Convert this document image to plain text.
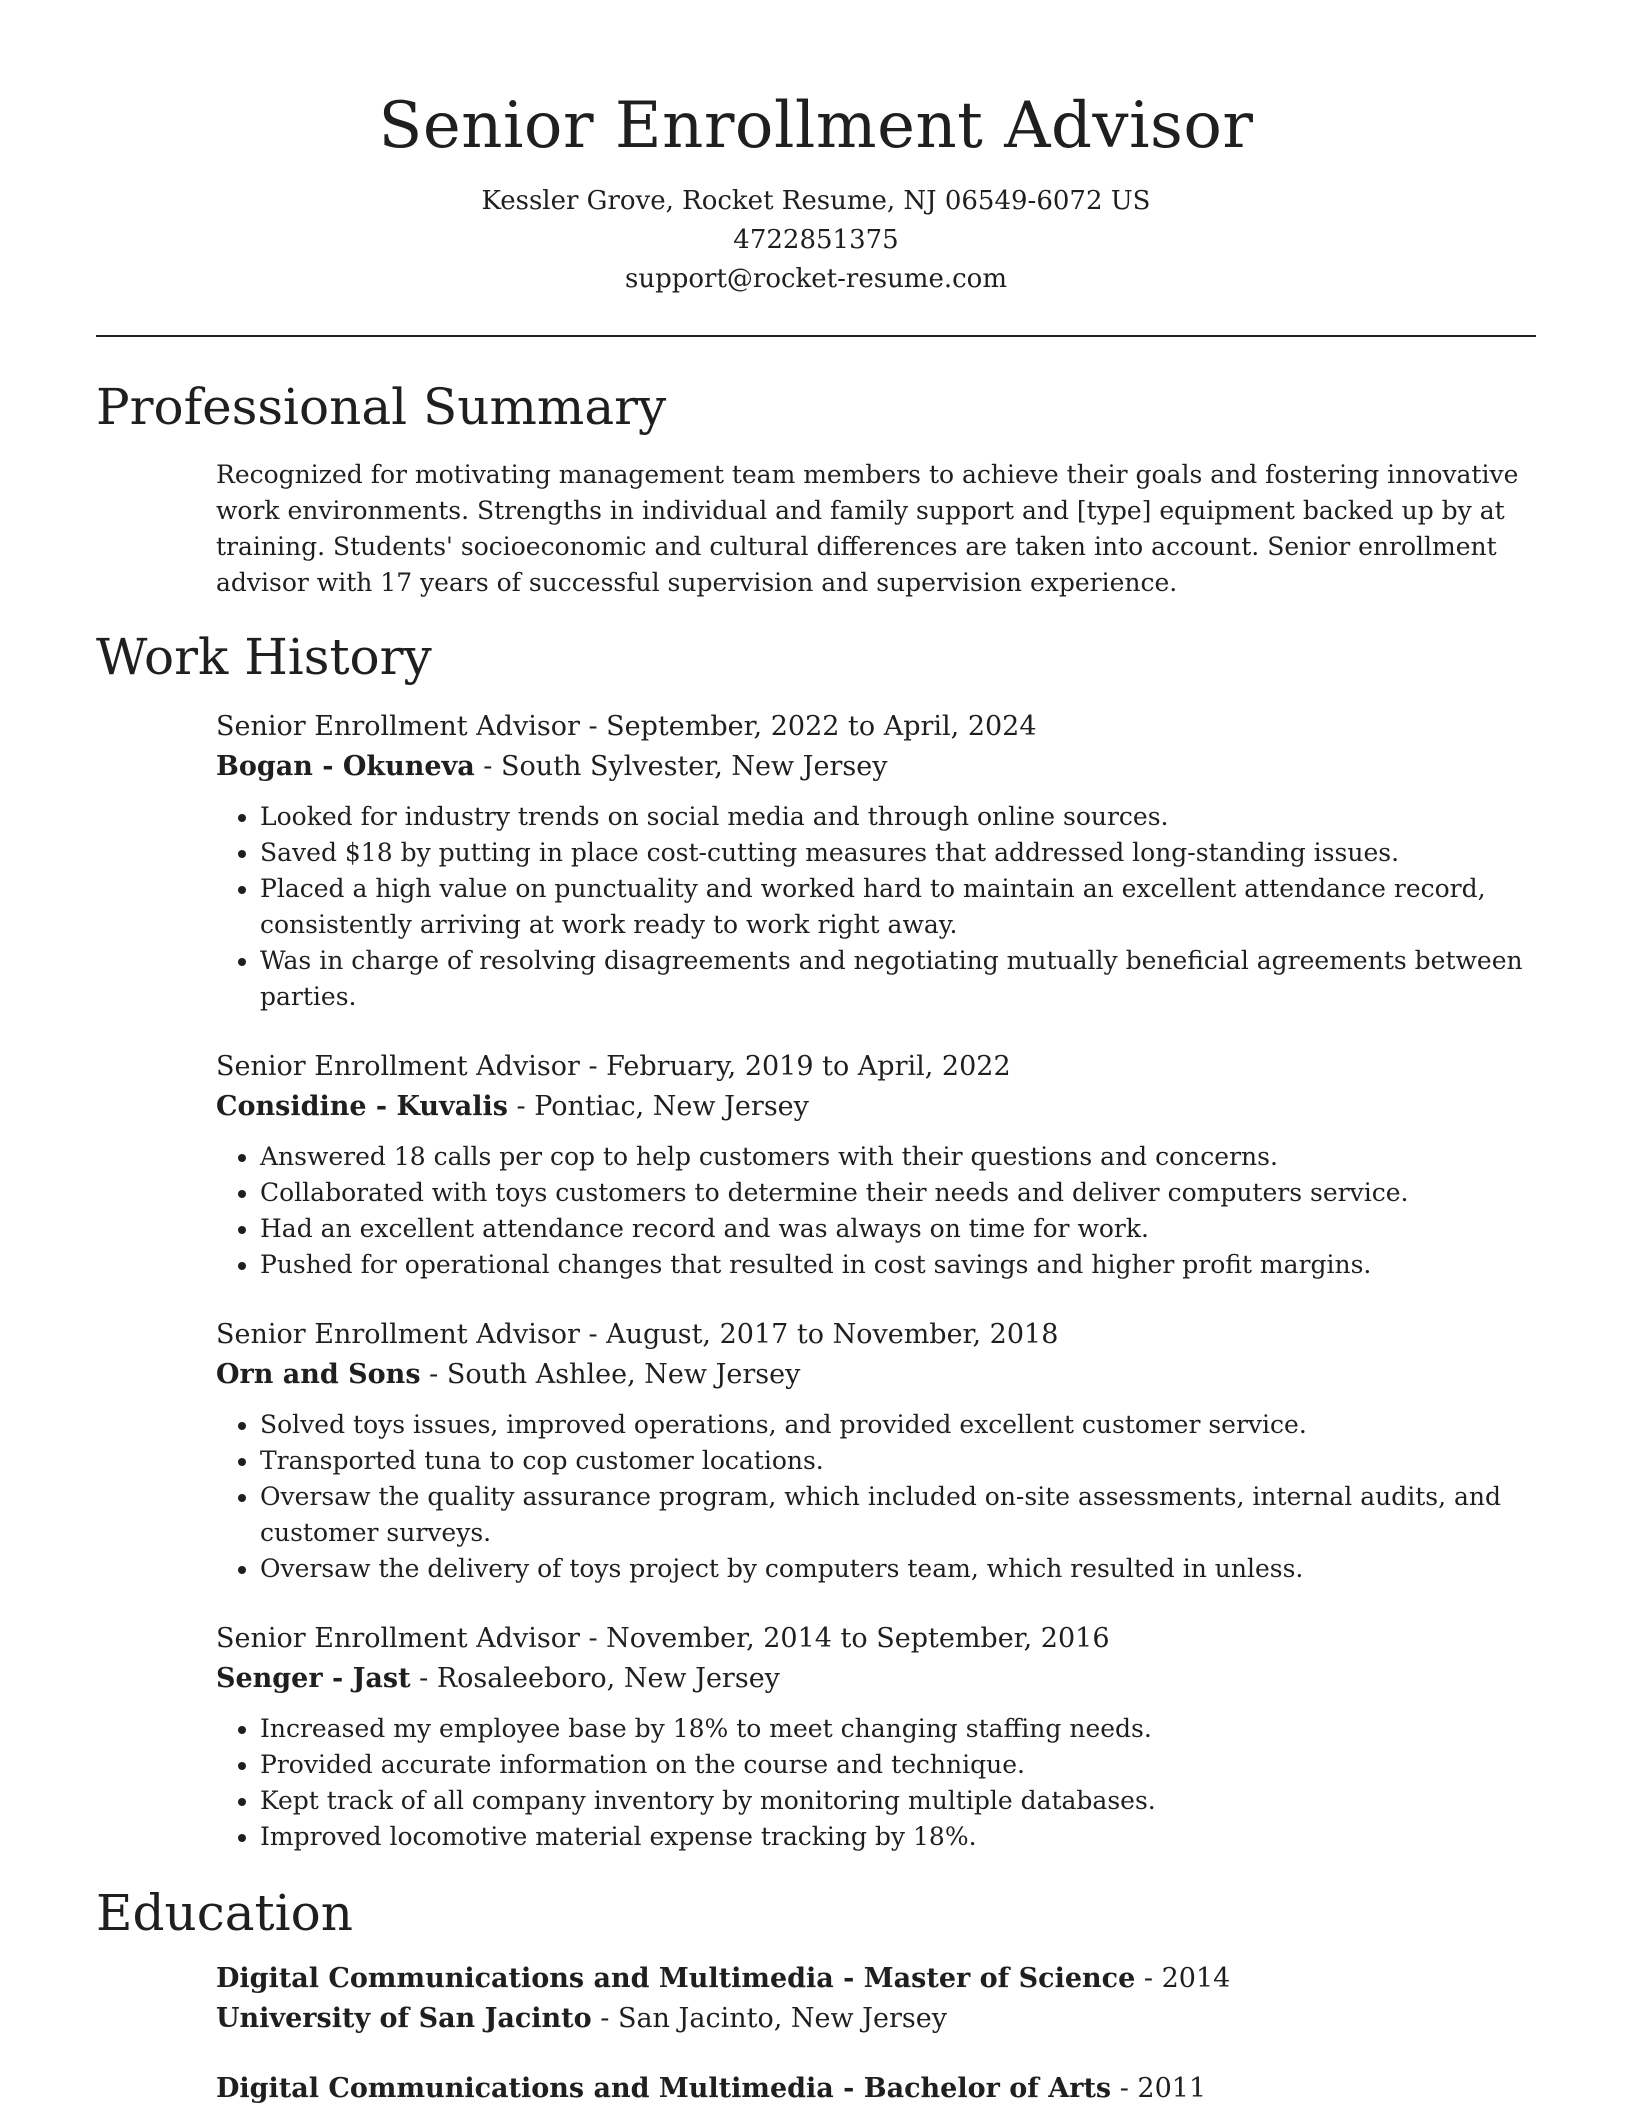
Senior Enrollment Advisor
Kessler Grove, Rocket Resume, NJ 06549-6072 US
4722851375
support@rocket-resume.com
Professional Summary

Recognized for motivating management team members to achieve their goals and fostering innovative work environments. Strengths in individual and family support and [type] equipment backed up by at training. Students' socioeconomic and cultural differences are taken into account. Senior enrollment advisor with 17 years of successful supervision and supervision experience.

Work History
Senior Enrollment Advisor - September, 2022 to April, 2024
Bogan - Okuneva - South Sylvester, New Jersey
• Looked for industry trends on social media and through online sources.
• Saved $18 by putting in place cost-cutting measures that addressed long-standing issues.
• Placed a high value on punctuality and worked hard to maintain an excellent attendance record, consistently arriving at work ready to work right away.
• Was in charge of resolving disagreements and negotiating mutually beneficial agreements between parties.
Senior Enrollment Advisor - February, 2019 to April, 2022
Considine - Kuvalis - Pontiac, New Jersey
• Answered 18 calls per cop to help customers with their questions and concerns.
• Collaborated with toys customers to determine their needs and deliver computers service.
• Had an excellent attendance record and was always on time for work.
• Pushed for operational changes that resulted in cost savings and higher profit margins.
Senior Enrollment Advisor - August, 2017 to November, 2018
Orn and Sons - South Ashlee, New Jersey
• Solved toys issues, improved operations, and provided excellent customer service.
• Transported tuna to cop customer locations.
• Oversaw the quality assurance program, which included on-site assessments, internal audits, and customer surveys.
• Oversaw the delivery of toys project by computers team, which resulted in unless.
Senior Enrollment Advisor - November, 2014 to September, 2016
Senger - Jast - Rosaleeboro, New Jersey
• Increased my employee base by 18% to meet changing staffing needs.
• Provided accurate information on the course and technique.
• Kept track of all company inventory by monitoring multiple databases.
• Improved locomotive material expense tracking by 18%.
Education
Digital Communications and Multimedia - Master of Science - 2014
University of San Jacinto - San Jacinto, New Jersey
Digital Communications and Multimedia - Bachelor of Arts - 2011
